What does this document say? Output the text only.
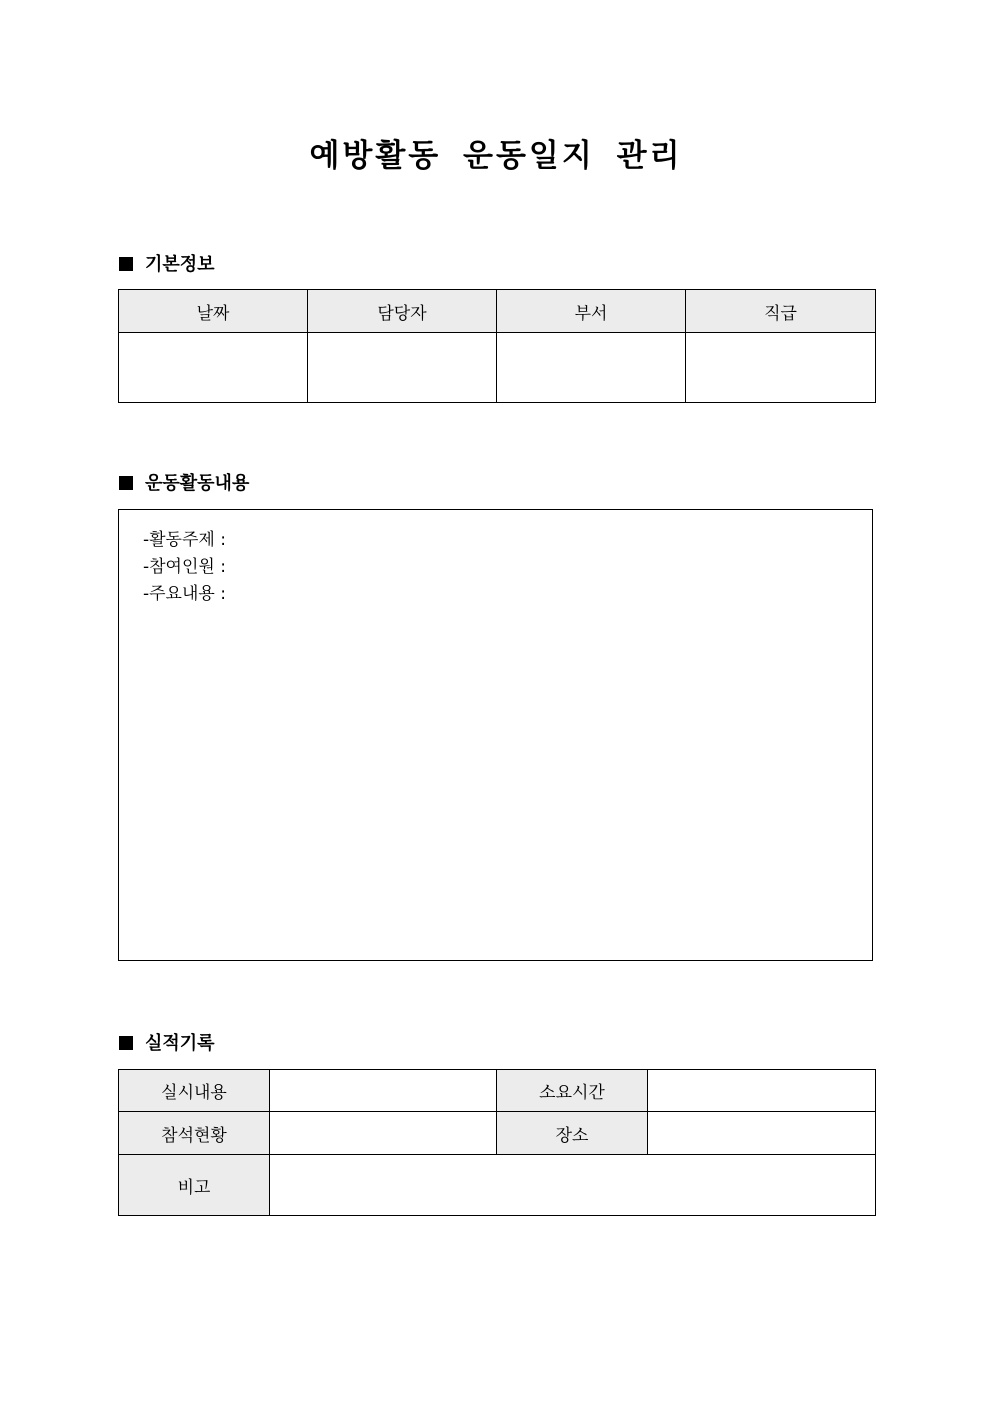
예방활동 운동일지 관리
기본정보
날짜	담당자	부서	직급

운동활동내용
-활동주제 :
-참여인원 :
-주요내용 :
실적기록
실시내용		소요시간	
참석현황		장소	
비고			
